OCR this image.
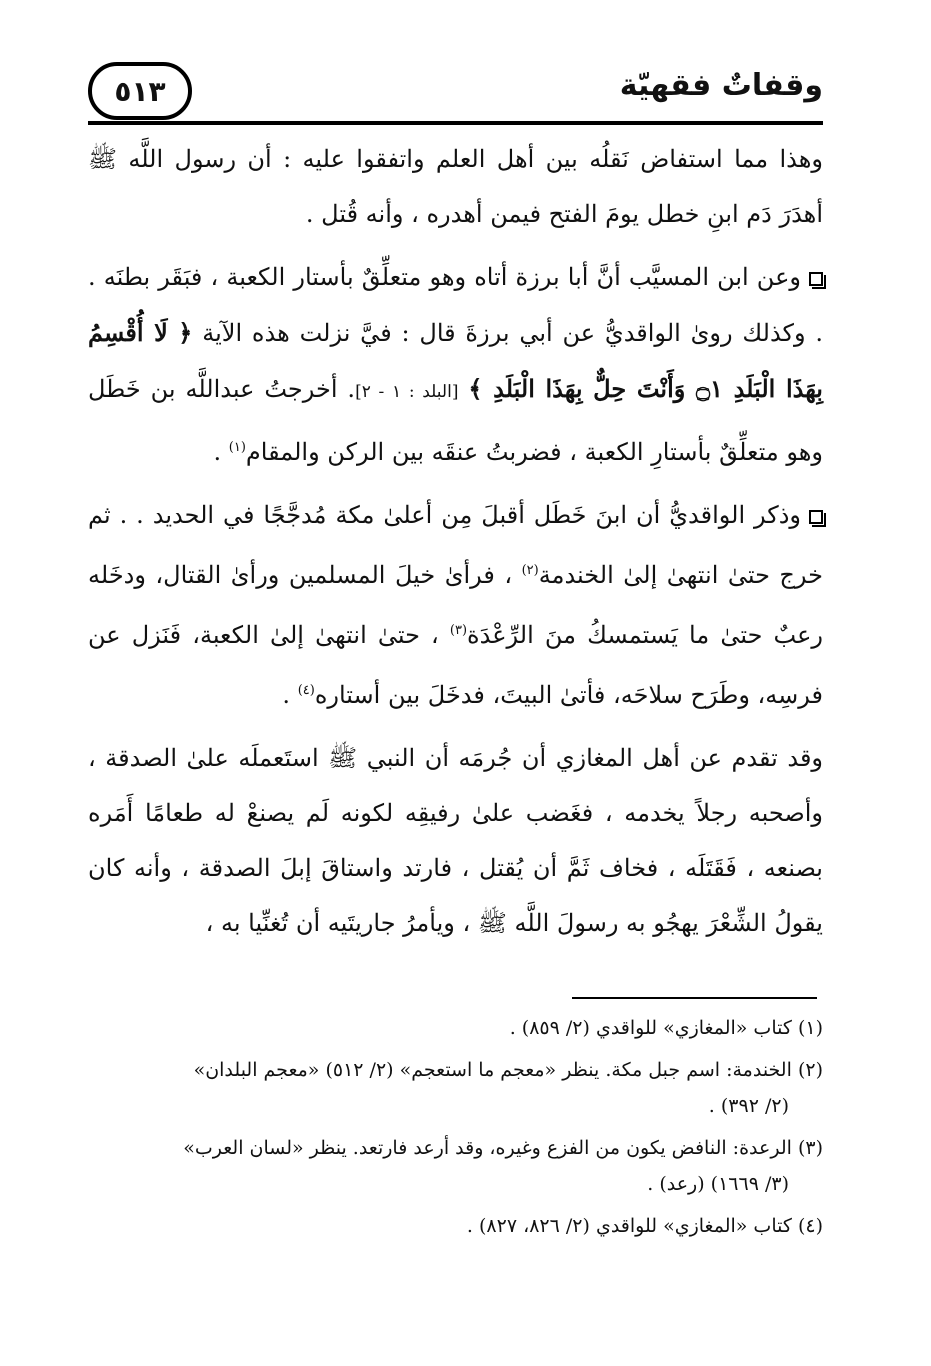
وقفاتٌ فقهيّة
٥١٣

وهذا مما استفاض نَقلُه بين أهل العلم واتفقوا عليه : أن رسول اللَّه ﷺ أهدَرَ دَم ابنِ خطل يومَ الفتح فيمن أهدره ، وأنه قُتل .

وعن ابن المسيَّب أنَّ أبا برزة أتاه وهو متعلِّقٌ بأستار الكعبة ، فبَقَر بطنَه . . وكذلك روىٰ الواقديُّ عن أبي برزةَ قال : فيَّ نزلت هذه الآية ﴿ لَا أُقْسِمُ بِهَذَا الْبَلَدِ ۝١ وَأَنْتَ حِلٌّ بِهَذَا الْبَلَدِ ﴾ [البلد : ١ - ٢]. أخرجتُ عبداللَّه بن خَطَل وهو متعلِّقٌ بأستارِ الكعبة ، فضربتُ عنقَه بين الركن والمقام$^{(١)}$ .

وذكر الواقديُّ أن ابنَ خَطَل أقبلَ مِن أعلىٰ مكة مُدجَّجًا في الحديد . . ثم خرج حتىٰ انتهىٰ إلىٰ الخندمة$^{(٢)}$ ، فرأىٰ خيلَ المسلمين ورأىٰ القتال، ودخَله رعبٌ حتىٰ ما يَستمسكُ منَ الرِّعْدَة$^{(٣)}$ ، حتىٰ انتهىٰ إلىٰ الكعبة، فَنَزل عن فرسِه، وطَرَح سلاحَه، فأتىٰ البيتَ، فدخَلَ بين أستاره$^{(٤)}$ .

وقد تقدم عن أهل المغازي أن جُرمَه أن النبي ﷺ استَعملَه علىٰ الصدقة ، وأصحبه رجلاً يخدمه ، فغَضب علىٰ رفيقِه لكونه لَم يصنعْ له طعامًا أَمَره بصنعه ، فَقَتَلَه ، فخاف ثَمَّ أن يُقتل ، فارتد واستاقَ إبلَ الصدقة ، وأنه كان يقولُ الشِّعْرَ يهجُو به رسولَ اللَّه ﷺ ، ويأمرُ جاريتَيه أن تُغنِّيا به ،

(١) كتاب «المغازي» للواقدي (٢/ ٨٥٩) .

(٢) الخندمة: اسم جبل مكة. ينظر «معجم ما استعجم» (٢/ ٥١٢) «معجم البلدان»
(٢/ ٣٩٢) .

(٣) الرعدة: النافض يكون من الفزع وغيره، وقد أرعد فارتعد. ينظر «لسان العرب»
(٣/ ١٦٦٩) (رعد) .

(٤) كتاب «المغازي» للواقدي (٢/ ٨٢٦، ٨٢٧) .
